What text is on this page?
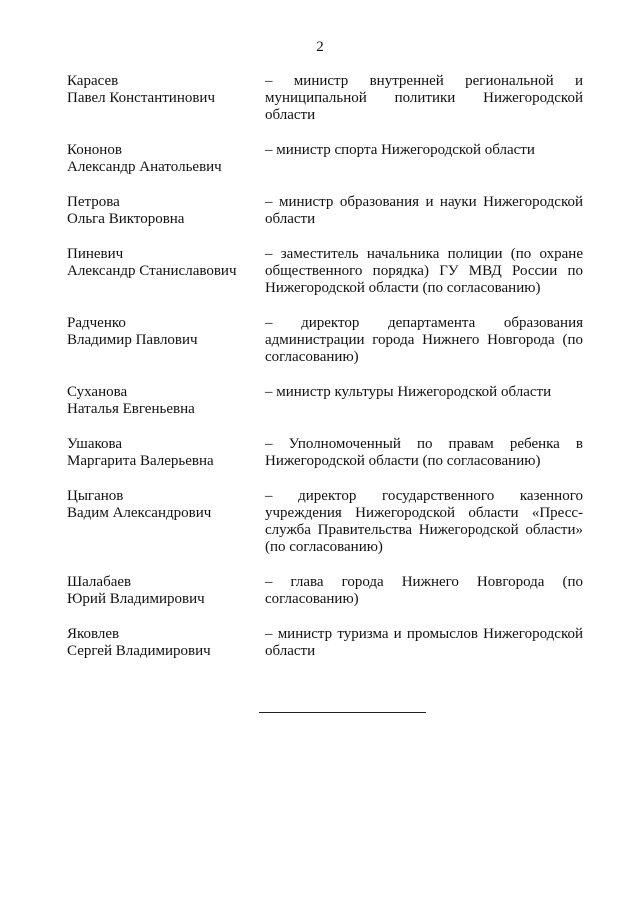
2
Карасев
Павел Константинович
– министр внутренней региональной и муниципальной политики Нижегородской области
Кононов
Александр Анатольевич
– министр спорта Нижегородской области
Петрова
Ольга Викторовна
– министр образования и науки Нижегородской области
Пиневич
Александр Станиславович
– заместитель начальника полиции (по охране общественного порядка) ГУ МВД России по Нижегородской области (по согласованию)
Радченко
Владимир Павлович
– директор департамента образования администрации города Нижнего Новгорода (по согласованию)
Суханова
Наталья Евгеньевна
– министр культуры Нижегородской области
Ушакова
Маргарита Валерьевна
– Уполномоченный по правам ребенка в Нижегородской области (по согласованию)
Цыганов
Вадим Александрович
– директор государственного казенного учреждения Нижегородской области «Пресс-служба Правительства Нижегородской области» (по согласованию)
Шалабаев
Юрий Владимирович
– глава города Нижнего Новгорода (по согласованию)
Яковлев
Сергей Владимирович
– министр туризма и промыслов Нижегородской области
